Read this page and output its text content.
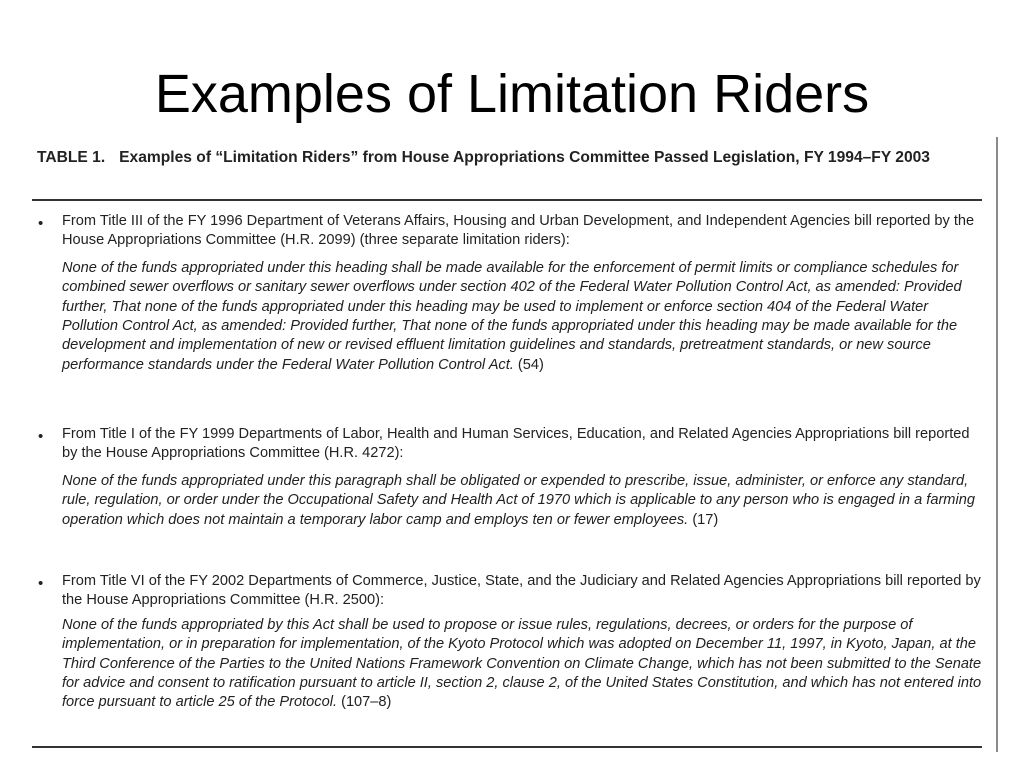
Examples of Limitation Riders
TABLE 1. Examples of “Limitation Riders” from House Appropriations Committee Passed Legislation, FY 1994–FY 2003
• From Title III of the FY 1996 Department of Veterans Affairs, Housing and Urban Development, and Independent Agencies bill reported by the House Appropriations Committee (H.R. 2099) (three separate limitation riders):
None of the funds appropriated under this heading shall be made available for the enforcement of permit limits or compliance schedules for combined sewer overflows or sanitary sewer overflows under section 402 of the Federal Water Pollution Control Act, as amended: Provided further, That none of the funds appropriated under this heading may be used to implement or enforce section 404 of the Federal Water Pollution Control Act, as amended: Provided further, That none of the funds appropriated under this heading may be made available for the development and implementation of new or revised effluent limitation guidelines and standards, pretreatment standards, or new source performance standards under the Federal Water Pollution Control Act. (54)
• From Title I of the FY 1999 Departments of Labor, Health and Human Services, Education, and Related Agencies Appropriations bill reported by the House Appropriations Committee (H.R. 4272):
None of the funds appropriated under this paragraph shall be obligated or expended to prescribe, issue, administer, or enforce any standard, rule, regulation, or order under the Occupational Safety and Health Act of 1970 which is applicable to any person who is engaged in a farming operation which does not maintain a temporary labor camp and employs ten or fewer employees. (17)
• From Title VI of the FY 2002 Departments of Commerce, Justice, State, and the Judiciary and Related Agencies Appropriations bill reported by the House Appropriations Committee (H.R. 2500):
None of the funds appropriated by this Act shall be used to propose or issue rules, regulations, decrees, or orders for the purpose of implementation, or in preparation for implementation, of the Kyoto Protocol which was adopted on December 11, 1997, in Kyoto, Japan, at the Third Conference of the Parties to the United Nations Framework Convention on Climate Change, which has not been submitted to the Senate for advice and consent to ratification pursuant to article II, section 2, clause 2, of the United States Constitution, and which has not entered into force pursuant to article 25 of the Protocol. (107–8)
